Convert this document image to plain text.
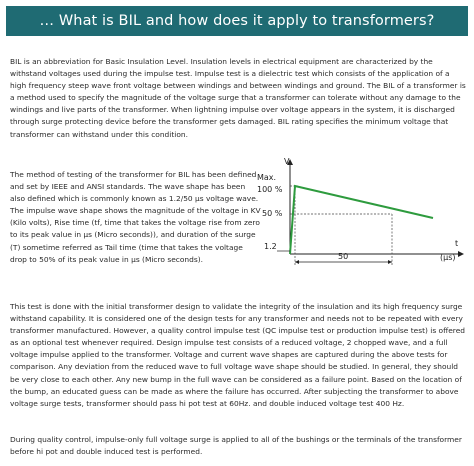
… What is BIL and how does it apply to transformers?

BIL is an abbreviation for Basic Insulation Level. Insulation levels in electrical equipment are characterized by the withstand voltages used during the impulse test. Impulse test is a dielectric test which consists of the application of a high frequency steep wave front voltage between windings and between windings and ground. The BIL of a transformer is a method used to specify the magnitude of the voltage surge that a transformer can tolerate without any damage to the windings and live parts of the transformer. When lightning impulse over voltage appears in the system, it is discharged through surge protecting device before the transformer gets damaged. BIL rating specifies the minimum voltage that transformer can withstand under this condition.

The method of testing of the transformer for BIL has been defined and set by IEEE and ANSI standards. The wave shape has been also defined which is commonly known as 1.2/50 µs voltage wave. The impulse wave shape shows the magnitude of the voltage in KV (Kilo volts), Rise time (tf, time that takes the voltage rise from zero to its peak value in µs (Micro seconds)), and duration of the surge (T) sometime referred as Tail time (time that takes the voltage drop to 50% of its peak value in µs (Micro seconds).

V
t
Max.
100 %
50 %
1.2
50	(µs)

This test is done with the initial transformer design to validate the integrity of the insulation and its high frequency surge withstand capability. It is considered one of the design tests for any transformer and needs not to be repeated with every transformer manufactured. However, a quality control impulse test (QC impulse test or production impulse test) is offered as an optional test whenever required. Design impulse test consists of a reduced voltage, 2 chopped wave, and a full voltage impulse applied to the transformer. Voltage and current wave shapes are captured during the above tests for comparison. Any deviation from the reduced wave to full voltage wave shape should be studied. In general, they should be very close to each other. Any new bump in the full wave can be considered as a failure point. Based on the location of the bump, an educated guess can be made as where the failure has occurred. After subjecting the transformer to above voltage surge tests, transformer should pass hi pot test at 60Hz. and double induced voltage test 400 Hz.

During quality control, impulse-only full voltage surge is applied to all of the bushings or the terminals of the transformer before hi pot and double induced test is performed.
